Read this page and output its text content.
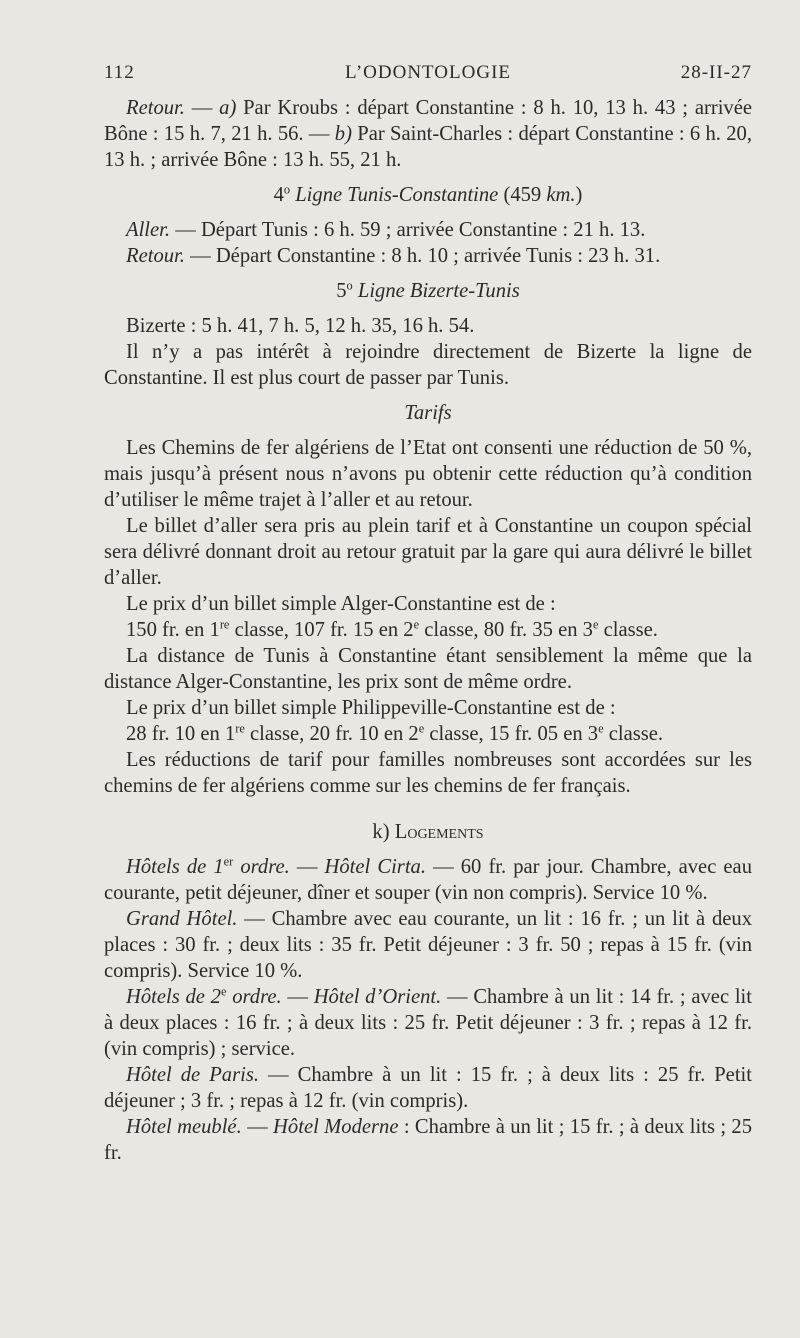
112	L’ODONTOLOGIE	28-II-27

Retour. — a) Par Kroubs : départ Constantine : 8 h. 10, 13 h. 43 ; arrivée Bône : 15 h. 7, 21 h. 56. — b) Par Saint-Charles : départ Constantine : 6 h. 20, 13 h. ; arrivée Bône : 13 h. 55, 21 h.

4$^o$ Ligne Tunis-Constantine (459 km.)

Aller. — Départ Tunis : 6 h. 59 ; arrivée Constantine : 21 h. 13.

Retour. — Départ Constantine : 8 h. 10 ; arrivée Tunis : 23 h. 31.

5$^o$ Ligne Bizerte-Tunis

Bizerte : 5 h. 41, 7 h. 5, 12 h. 35, 16 h. 54.

Il n’y a pas intérêt à rejoindre directement de Bizerte la ligne de Constantine. Il est plus court de passer par Tunis.

Tarifs

Les Chemins de fer algériens de l’Etat ont consenti une réduction de 50 %, mais jusqu’à présent nous n’avons pu obtenir cette réduction qu’à condition d’utiliser le même trajet à l’aller et au retour.

Le billet d’aller sera pris au plein tarif et à Constantine un coupon spécial sera délivré donnant droit au retour gratuit par la gare qui aura délivré le billet d’aller.

Le prix d’un billet simple Alger-Constantine est de :

150 fr. en 1re classe, 107 fr. 15 en 2e classe, 80 fr. 35 en 3e classe.

La distance de Tunis à Constantine étant sensiblement la même que la distance Alger-Constantine, les prix sont de même ordre.

Le prix d’un billet simple Philippeville-Constantine est de :

28 fr. 10 en 1re classe, 20 fr. 10 en 2e classe, 15 fr. 05 en 3e classe.

Les réductions de tarif pour familles nombreuses sont accordées sur les chemins de fer algériens comme sur les chemins de fer français.

k) Logements

Hôtels de 1er ordre. — Hôtel Cirta. — 60 fr. par jour. Chambre, avec eau courante, petit déjeuner, dîner et souper (vin non compris). Service 10 %.

Grand Hôtel. — Chambre avec eau courante, un lit : 16 fr. ; un lit à deux places : 30 fr. ; deux lits : 35 fr. Petit déjeuner : 3 fr. 50 ; repas à 15 fr. (vin compris). Service 10 %.

Hôtels de 2e ordre. — Hôtel d’Orient. — Chambre à un lit : 14 fr. ; avec lit à deux places : 16 fr. ; à deux lits : 25 fr. Petit déjeuner : 3 fr. ; repas à 12 fr. (vin compris) ; service.

Hôtel de Paris. — Chambre à un lit : 15 fr. ; à deux lits : 25 fr. Petit déjeuner ; 3 fr. ; repas à 12 fr. (vin compris).

Hôtel meublé. — Hôtel Moderne : Chambre à un lit ; 15 fr. ; à deux lits ; 25 fr.
